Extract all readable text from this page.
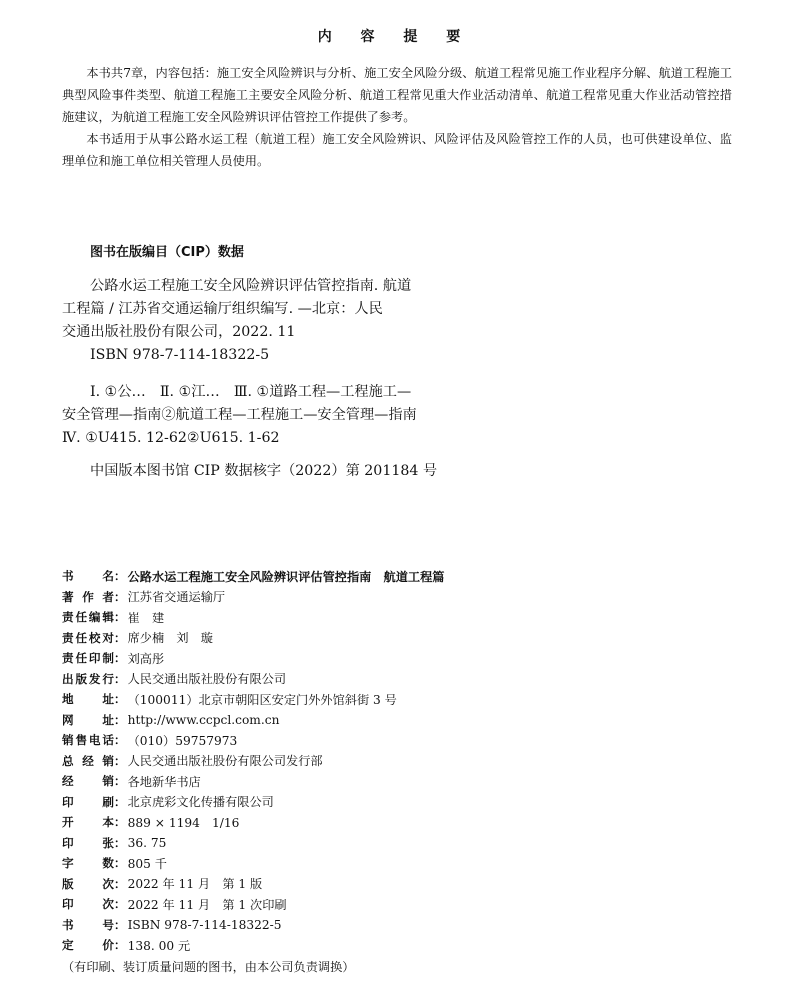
内 容 提 要

本书共7章，内容包括：施工安全风险辨识与分析、施工安全风险分级、航道工程常见施工作业程序分解、航道工程施工典型风险事件类型、航道工程施工主要安全风险分析、航道工程常见重大作业活动清单、航道工程常见重大作业活动管控措施建议，为航道工程施工安全风险辨识评估管控工作提供了参考。

本书适用于从事公路水运工程（航道工程）施工安全风险辨识、风险评估及风险管控工作的人员，也可供建设单位、监理单位和施工单位相关管理人员使用。

图书在版编目（CIP）数据

公路水运工程施工安全风险辨识评估管控指南. 航道

工程篇 / 江苏省交通运输厅组织编写. —北京：人民

交通出版社股份有限公司，2022. 11

ISBN 978-7-114-18322-5

Ⅰ. ①公…　Ⅱ. ①江…　Ⅲ. ①道路工程—工程施工—

安全管理—指南②航道工程—工程施工—安全管理—指南

Ⅳ. ①U415. 12-62②U615. 1-62

中国版本图书馆 CIP 数据核字（2022）第 201184 号

书名 ： 公路水运工程施工安全风险辨识评估管控指南　航道工程篇
著作者 ： 江苏省交通运输厅
责任编辑 ： 崔　建
责任校对 ： 席少楠　刘　璇
责任印制 ： 刘高彤
出版发行 ： 人民交通出版社股份有限公司
地址 ： （100011）北京市朝阳区安定门外外馆斜街 3 号
网址 ： http://www.ccpcl.com.cn
销售电话 ： （010）59757973
总经销 ： 人民交通出版社股份有限公司发行部
经销 ： 各地新华书店
印刷 ： 北京虎彩文化传播有限公司
开本 ： 889 × 1194　1/16
印张 ： 36. 75
字数 ： 805 千
版次 ： 2022 年 11 月　第 1 版
印次 ： 2022 年 11 月　第 1 次印刷
书号 ： ISBN 978-7-114-18322-5
定价 ： 138. 00 元
（有印刷、装订质量问题的图书，由本公司负责调换）
